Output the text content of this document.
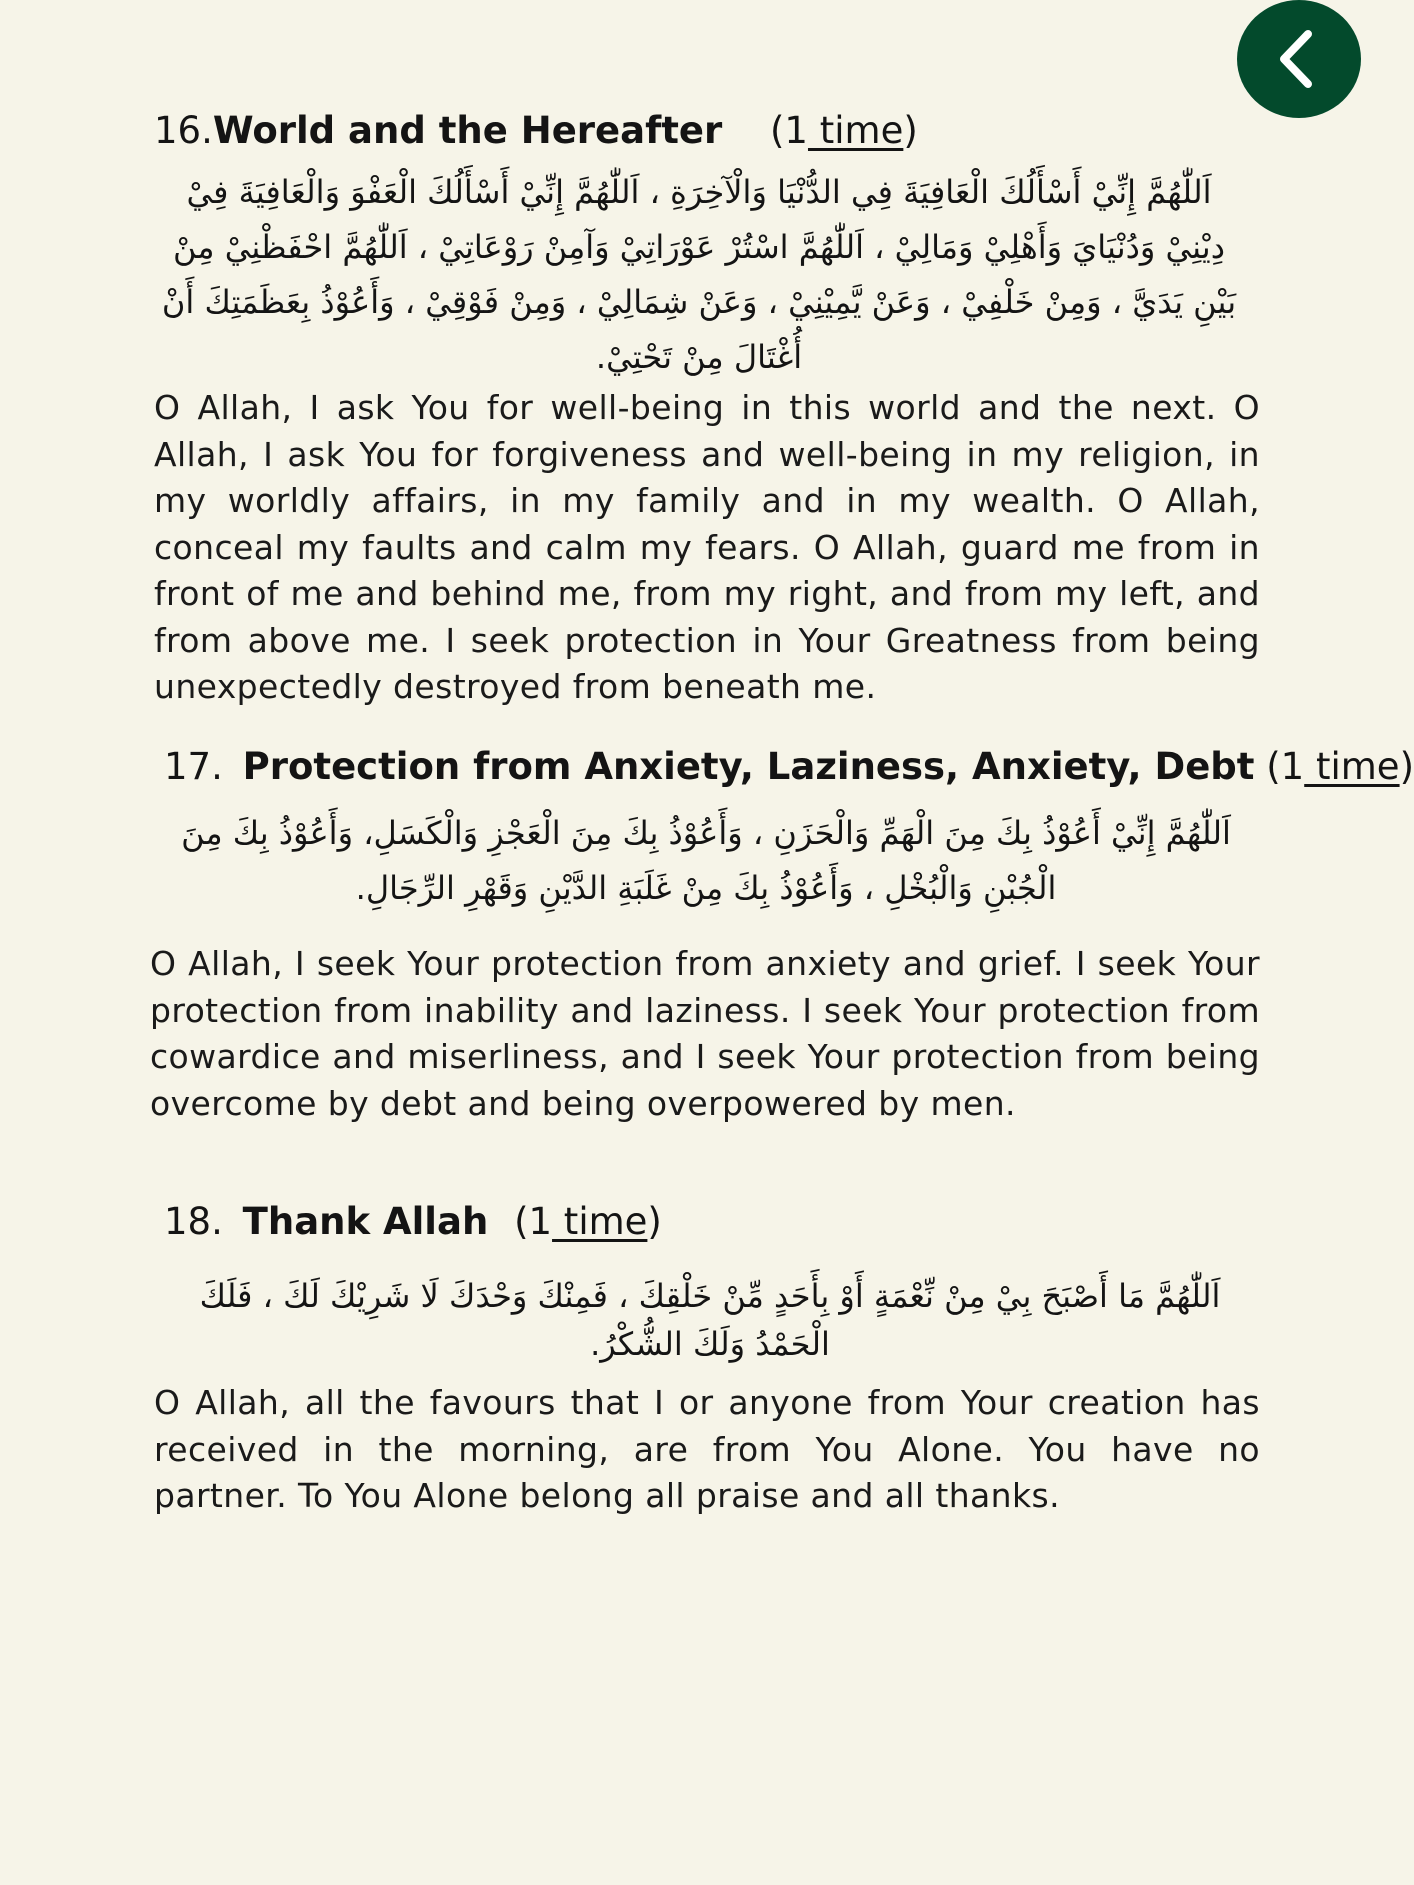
16.World and the Hereafter (1 time)
اَللّٰهُمَّ إِنِّيْ أَسْأَلُكَ الْعَافِيَةَ فِي الدُّنْيَا وَالْآخِرَةِ ، اَللّٰهُمَّ إِنِّيْ أَسْأَلُكَ الْعَفْوَ وَالْعَافِيَةَ فِيْ دِيْنِيْ وَدُنْيَايَ وَأَهْلِيْ وَمَالِيْ ، اَللّٰهُمَّ اسْتُرْ عَوْرَاتِيْ وَآمِنْ رَوْعَاتِيْ ، اَللّٰهُمَّ احْفَظْنِيْ مِنْ بَيْنِ يَدَيَّ ، وَمِنْ خَلْفِيْ ، وَعَنْ يَّمِيْنِيْ ، وَعَنْ شِمَالِيْ ، وَمِنْ فَوْقِيْ ، وَأَعُوْذُ بِعَظَمَتِكَ أَنْ أُغْتَالَ مِنْ تَحْتِيْ.
O Allah, I ask You for well-being in this world and the next. O Allah, I ask You for forgiveness and well-being in my religion, in my worldly affairs, in my family and in my wealth. O Allah, conceal my faults and calm my fears. O Allah, guard me from in front of me and behind me, from my right, and from my left, and from above me. I seek protection in Your Greatness from being unexpectedly destroyed from beneath me.
17. Protection from Anxiety, Laziness, Anxiety, Debt (1 time)
اَللّٰهُمَّ إِنِّيْ أَعُوْذُ بِكَ مِنَ الْهَمِّ وَالْحَزَنِ ، وَأَعُوْذُ بِكَ مِنَ الْعَجْزِ وَالْكَسَلِ، وَأَعُوْذُ بِكَ مِنَ الْجُبْنِ وَالْبُخْلِ ، وَأَعُوْذُ بِكَ مِنْ غَلَبَةِ الدَّيْنِ وَقَهْرِ الرِّجَالِ.
O Allah, I seek Your protection from anxiety and grief. I seek Your protection from inability and laziness. I seek Your protection from cowardice and miserliness, and I seek Your protection from being overcome by debt and being overpowered by men.
18. Thank Allah (1 time)
اَللّٰهُمَّ مَا أَصْبَحَ بِيْ مِنْ نِّعْمَةٍ أَوْ بِأَحَدٍ مِّنْ خَلْقِكَ ، فَمِنْكَ وَحْدَكَ لَا شَرِيْكَ لَكَ ، فَلَكَ الْحَمْدُ وَلَكَ الشُّكْرُ.
O Allah, all the favours that I or anyone from Your creation has received in the morning, are from You Alone. You have no partner. To You Alone belong all praise and all thanks.
